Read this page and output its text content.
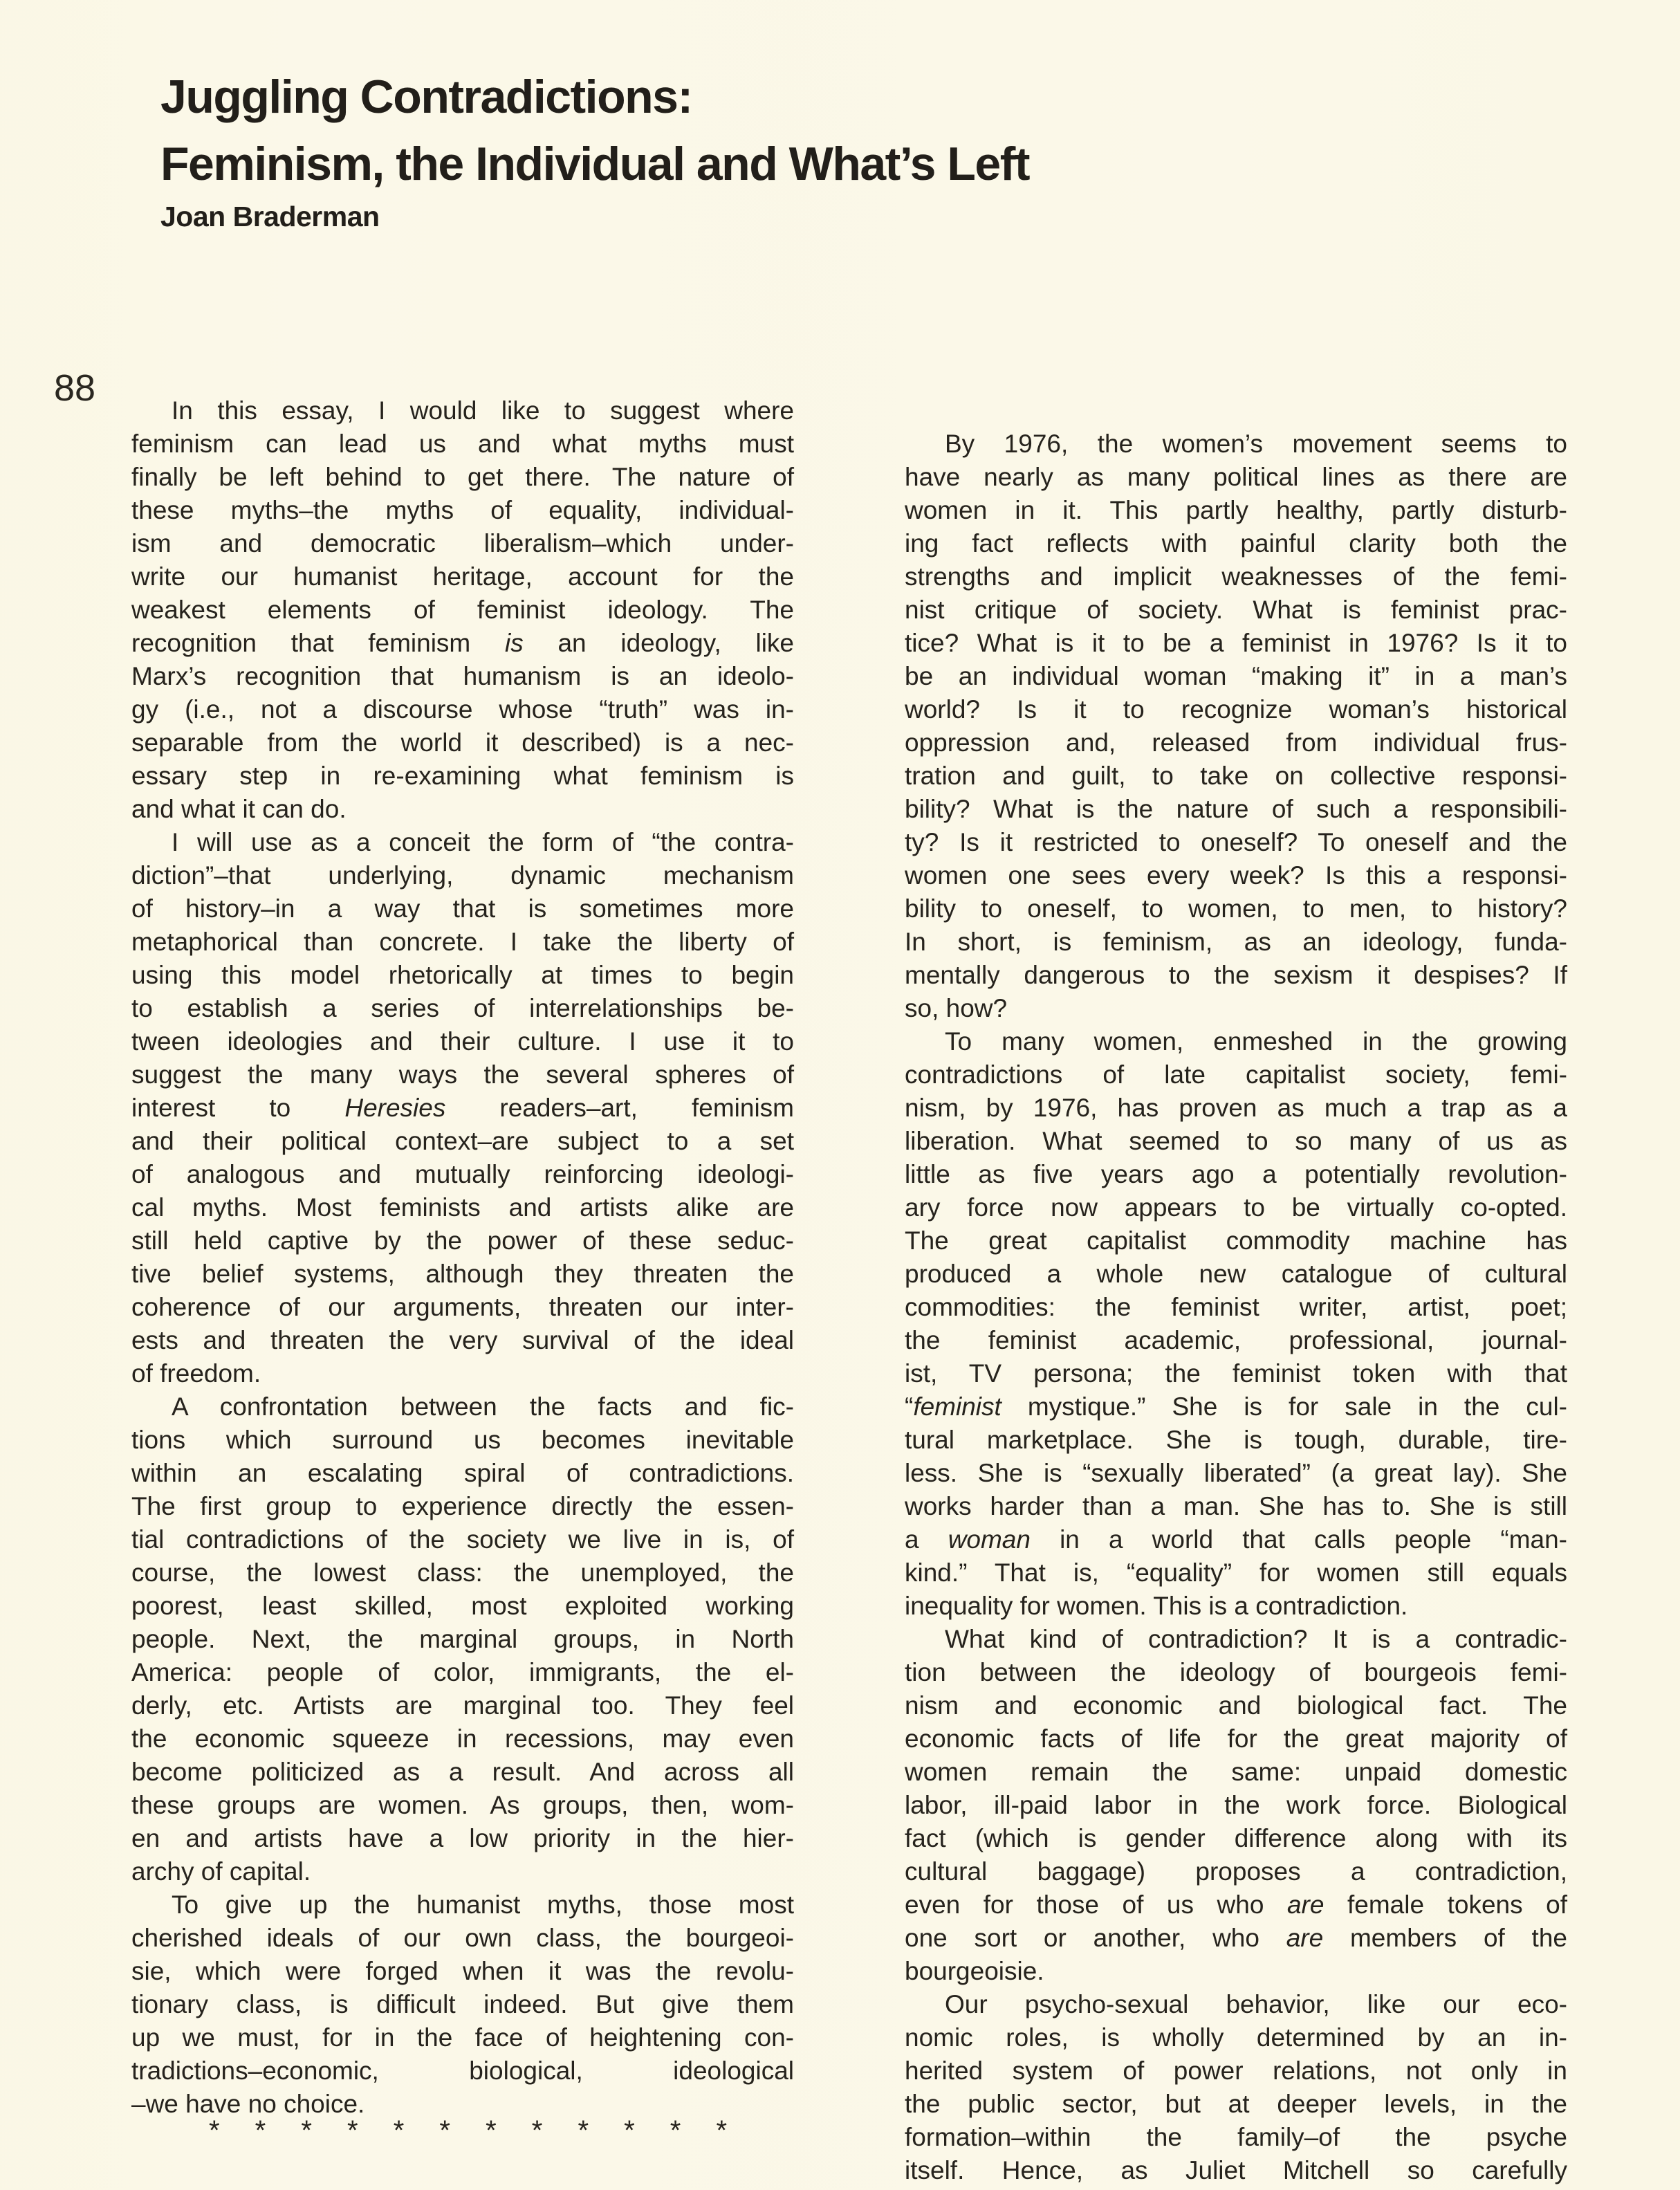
Juggling Contradictions:
Feminism, the Individual and What’s Left
Joan Braderman
88
In this essay, I would like to suggest where
feminism can lead us and what myths must
finally be left behind to get there. The nature of
these myths–the myths of equality, individual-
ism and democratic liberalism–which under-
write our humanist heritage, account for the
weakest elements of feminist ideology. The
recognition that feminism is an ideology, like
Marx’s recognition that humanism is an ideolo-
gy (i.e., not a discourse whose “truth” was in-
separable from the world it described) is a nec-
essary step in re-examining what feminism is
and what it can do.
I will use as a conceit the form of “the contra-
diction”–that underlying, dynamic mechanism
of history–in a way that is sometimes more
metaphorical than concrete. I take the liberty of
using this model rhetorically at times to begin
to establish a series of interrelationships be-
tween ideologies and their culture. I use it to
suggest the many ways the several spheres of
interest to Heresies readers–art, feminism
and their political context–are subject to a set
of analogous and mutually reinforcing ideologi-
cal myths. Most feminists and artists alike are
still held captive by the power of these seduc-
tive belief systems, although they threaten the
coherence of our arguments, threaten our inter-
ests and threaten the very survival of the ideal
of freedom.
A confrontation between the facts and fic-
tions which surround us becomes inevitable
within an escalating spiral of contradictions.
The first group to experience directly the essen-
tial contradictions of the society we live in is, of
course, the lowest class: the unemployed, the
poorest, least skilled, most exploited working
people. Next, the marginal groups, in North
America: people of color, immigrants, the el-
derly, etc. Artists are marginal too. They feel
the economic squeeze in recessions, may even
become politicized as a result. And across all
these groups are women. As groups, then, wom-
en and artists have a low priority in the hier-
archy of capital.
To give up the humanist myths, those most
cherished ideals of our own class, the bourgeoi-
sie, which were forged when it was the revolu-
tionary class, is difficult indeed. But give them
up we must, for in the face of heightening con-
tradictions–economic, biological, ideological
–we have no choice.
By 1976, the women’s movement seems to
have nearly as many political lines as there are
women in it. This partly healthy, partly disturb-
ing fact reflects with painful clarity both the
strengths and implicit weaknesses of the femi-
nist critique of society. What is feminist prac-
tice? What is it to be a feminist in 1976? Is it to
be an individual woman “making it” in a man’s
world? Is it to recognize woman’s historical
oppression and, released from individual frus-
tration and guilt, to take on collective responsi-
bility? What is the nature of such a responsibili-
ty? Is it restricted to oneself? To oneself and the
women one sees every week? Is this a responsi-
bility to oneself, to women, to men, to history?
In short, is feminism, as an ideology, funda-
mentally dangerous to the sexism it despises? If
so, how?
To many women, enmeshed in the growing
contradictions of late capitalist society, femi-
nism, by 1976, has proven as much a trap as a
liberation. What seemed to so many of us as
little as five years ago a potentially revolution-
ary force now appears to be virtually co-opted.
The great capitalist commodity machine has
produced a whole new catalogue of cultural
commodities: the feminist writer, artist, poet;
the feminist academic, professional, journal-
ist, TV persona; the feminist token with that
“feminist mystique.” She is for sale in the cul-
tural marketplace. She is tough, durable, tire-
less. She is “sexually liberated” (a great lay). She
works harder than a man. She has to. She is still
a woman in a world that calls people “man-
kind.” That is, “equality” for women still equals
inequality for women. This is a contradiction.
What kind of contradiction? It is a contradic-
tion between the ideology of bourgeois femi-
nism and economic and biological fact. The
economic facts of life for the great majority of
women remain the same: unpaid domestic
labor, ill-paid labor in the work force. Biological
fact (which is gender difference along with its
cultural baggage) proposes a contradiction,
even for those of us who are female tokens of
one sort or another, who are members of the
bourgeoisie.
Our psycho-sexual behavior, like our eco-
nomic roles, is wholly determined by an in-
herited system of power relations, not only in
the public sector, but at deeper levels, in the
formation–within the family–of the psyche
itself. Hence, as Juliet Mitchell so carefully
* * * * * * * * * * * *
